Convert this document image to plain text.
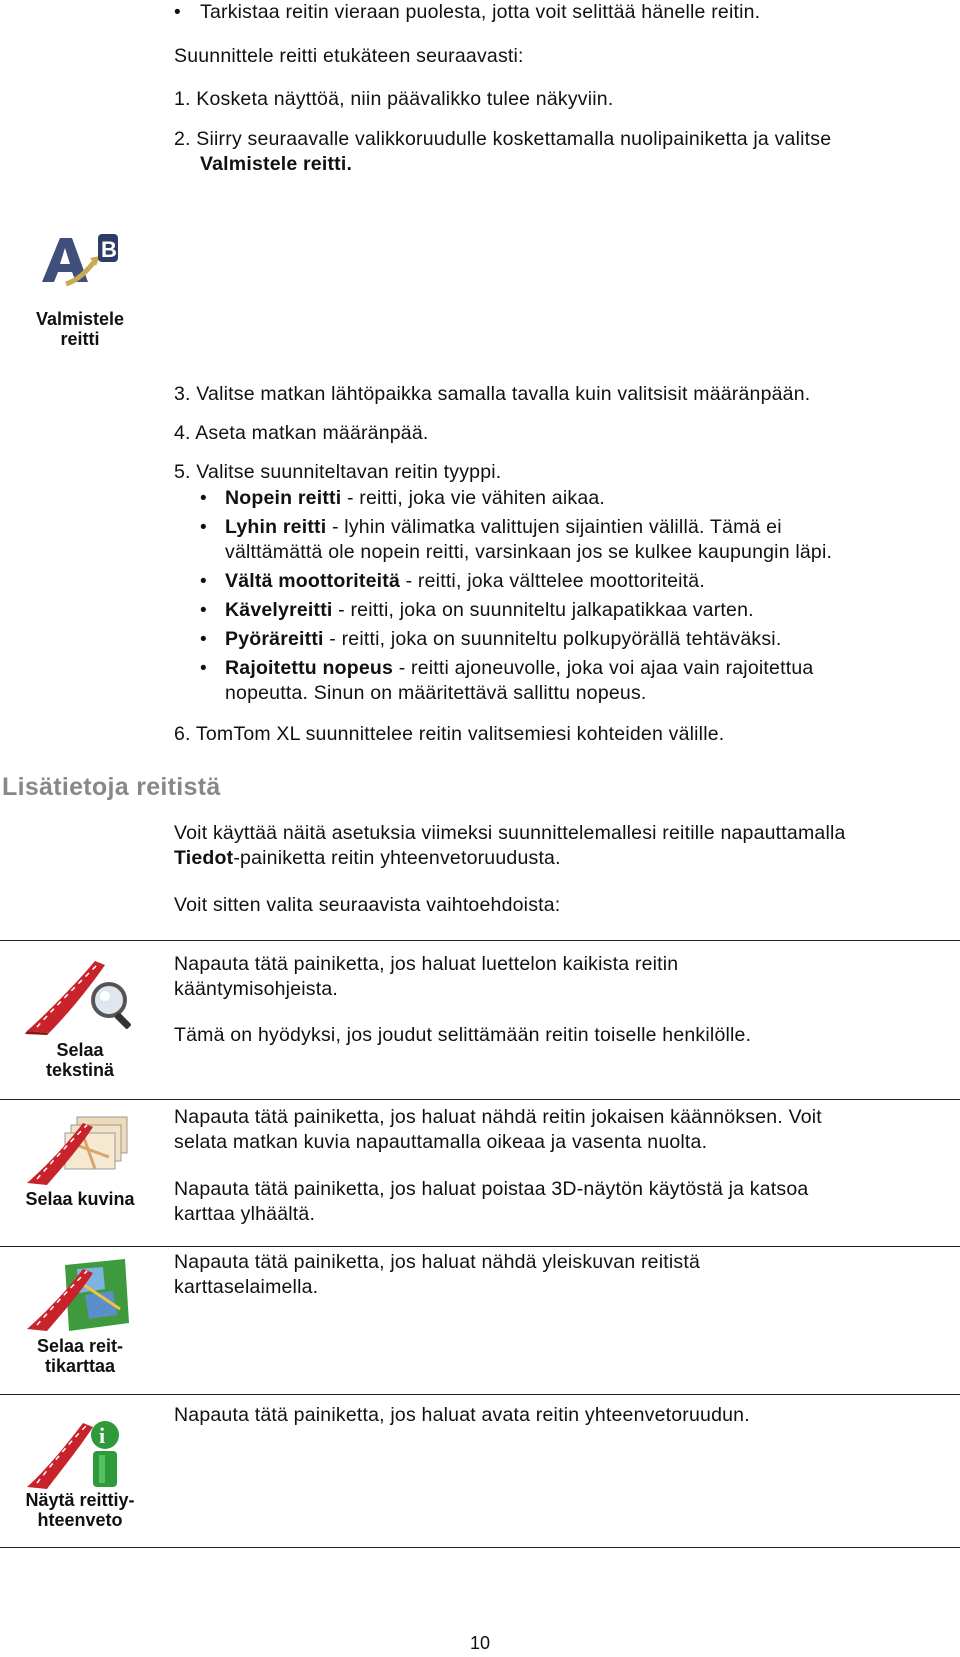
• Tarkistaa reitin vieraan puolesta, jotta voit selittää hänelle reitin.
Suunnittele reitti etukäteen seuraavasti:
1. Kosketa näyttöä, niin päävalikko tulee näkyviin.
2. Siirry seuraavalle valikkoruudulle koskettamalla nuolipainiketta ja valitse
Valmistele reitti.
B
Valmistele
reitti
3. Valitse matkan lähtöpaikka samalla tavalla kuin valitsisit määränpään.
4. Aseta matkan määränpää.
5. Valitse suunniteltavan reitin tyyppi.
• Nopein reitti - reitti, joka vie vähiten aikaa.
• Lyhin reitti - lyhin välimatka valittujen sijaintien välillä. Tämä ei
välttämättä ole nopein reitti, varsinkaan jos se kulkee kaupungin läpi.
• Vältä moottoriteitä - reitti, joka välttelee moottoriteitä.
• Kävelyreitti - reitti, joka on suunniteltu jalkapatikkaa varten.
• Pyöräreitti - reitti, joka on suunniteltu polkupyörällä tehtäväksi.
• Rajoitettu nopeus - reitti ajoneuvolle, joka voi ajaa vain rajoitettua
nopeutta. Sinun on määritettävä sallittu nopeus.
6. TomTom XL suunnittelee reitin valitsemiesi kohteiden välille.
Lisätietoja reitistä
Voit käyttää näitä asetuksia viimeksi suunnittelemallesi reitille napauttamalla
Tiedot-painiketta reitin yhteenvetoruudusta.
Voit sitten valita seuraavista vaihtoehdoista:
Selaa
tekstinä
Napauta tätä painiketta, jos haluat luettelon kaikista reitin
kääntymisohjeista.
Tämä on hyödyksi, jos joudut selittämään reitin toiselle henkilölle.
Selaa kuvina
Napauta tätä painiketta, jos haluat nähdä reitin jokaisen käännöksen. Voit
selata matkan kuvia napauttamalla oikeaa ja vasenta nuolta.
Napauta tätä painiketta, jos haluat poistaa 3D-näytön käytöstä ja katsoa
karttaa ylhäältä.
Selaa reit-
tikarttaa
Napauta tätä painiketta, jos haluat nähdä yleiskuvan reitistä
karttaselaimella.
i
Näytä reittiy-
hteenveto
Napauta tätä painiketta, jos haluat avata reitin yhteenvetoruudun.
10
